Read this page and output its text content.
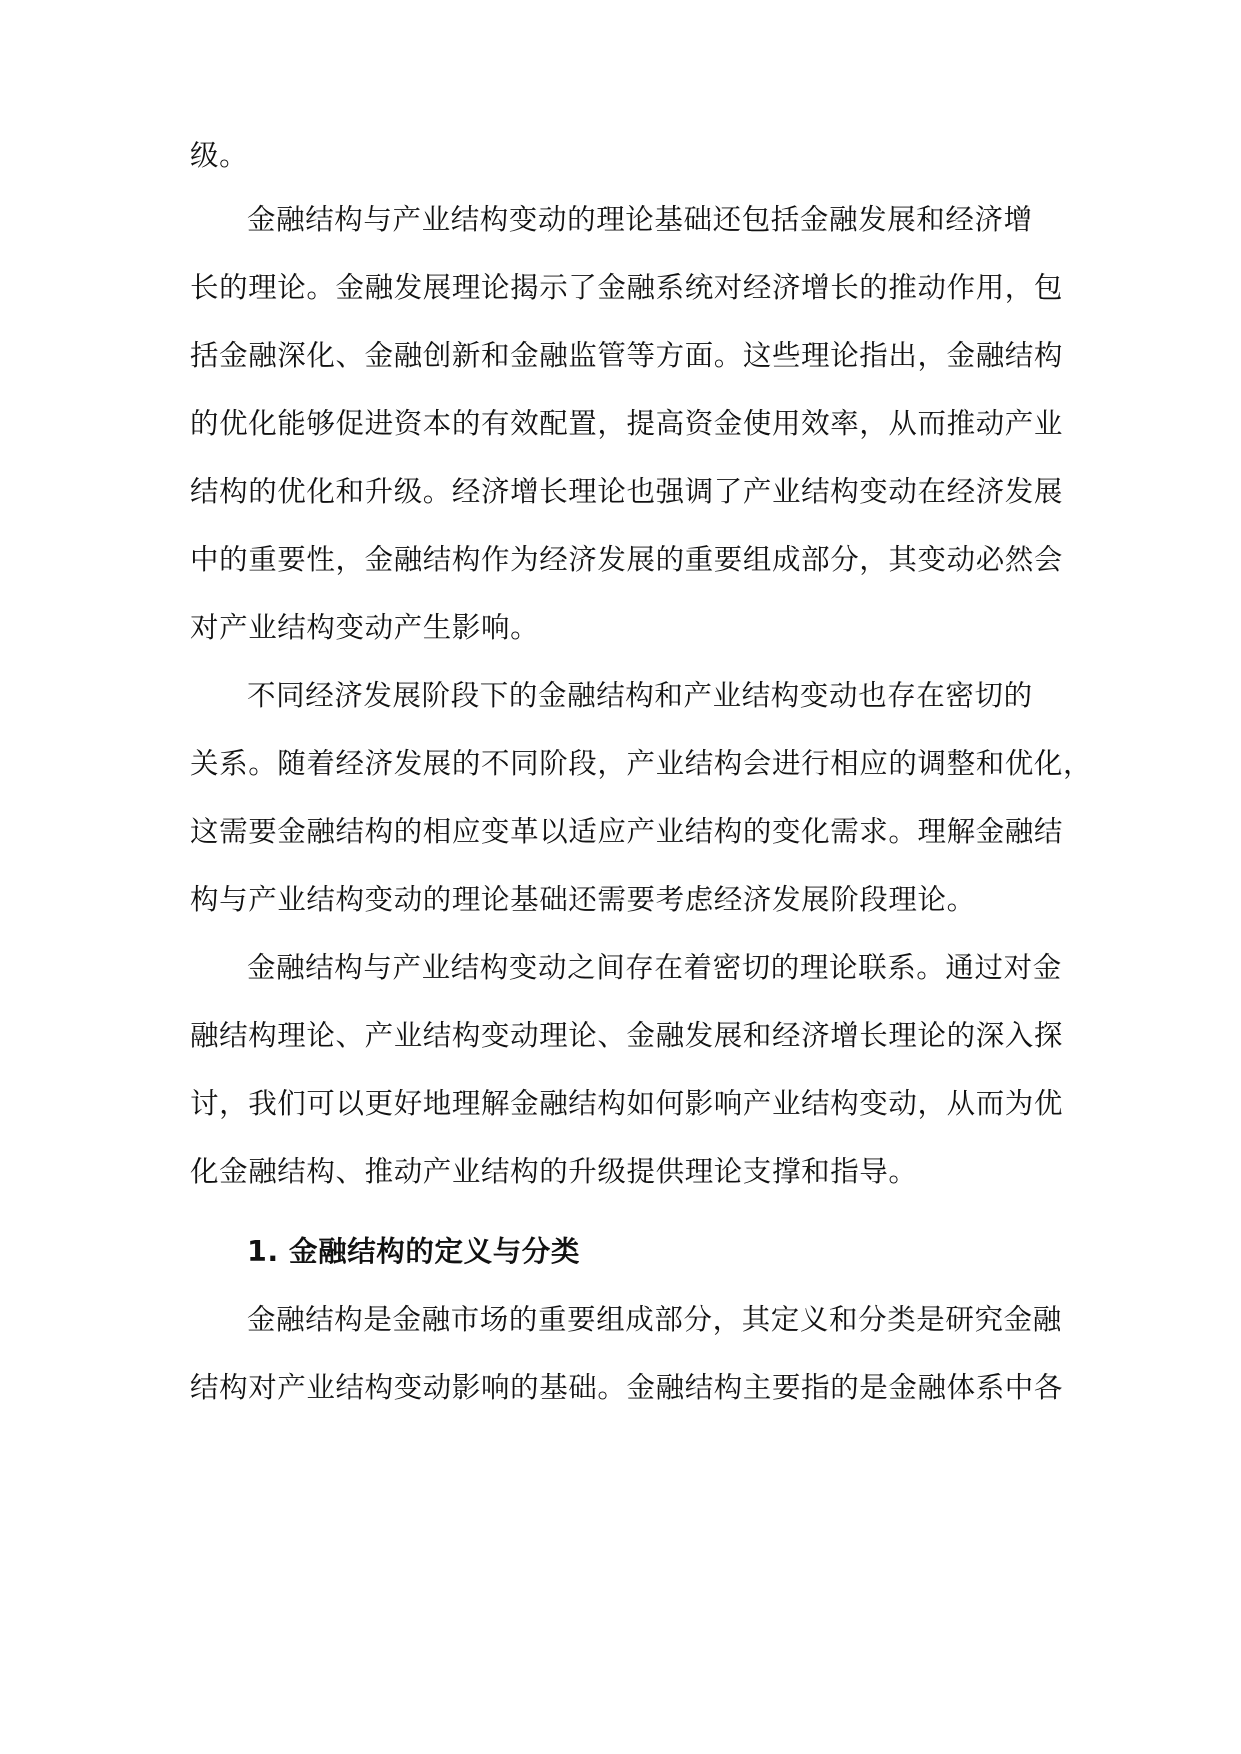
级。
金融结构与产业结构变动的理论基础还包括金融发展和经济增
长的理论。金融发展理论揭示了金融系统对经济增长的推动作用，包
括金融深化、金融创新和金融监管等方面。这些理论指出，金融结构
的优化能够促进资本的有效配置，提高资金使用效率，从而推动产业
结构的优化和升级。经济增长理论也强调了产业结构变动在经济发展
中的重要性，金融结构作为经济发展的重要组成部分，其变动必然会
对产业结构变动产生影响。
不同经济发展阶段下的金融结构和产业结构变动也存在密切的
关系。随着经济发展的不同阶段，产业结构会进行相应的调整和优化，
这需要金融结构的相应变革以适应产业结构的变化需求。理解金融结
构与产业结构变动的理论基础还需要考虑经济发展阶段理论。
金融结构与产业结构变动之间存在着密切的理论联系。通过对金
融结构理论、产业结构变动理论、金融发展和经济增长理论的深入探
讨，我们可以更好地理解金融结构如何影响产业结构变动，从而为优
化金融结构、推动产业结构的升级提供理论支撑和指导。
1. 金融结构的定义与分类
金融结构是金融市场的重要组成部分，其定义和分类是研究金融
结构对产业结构变动影响的基础。金融结构主要指的是金融体系中各
